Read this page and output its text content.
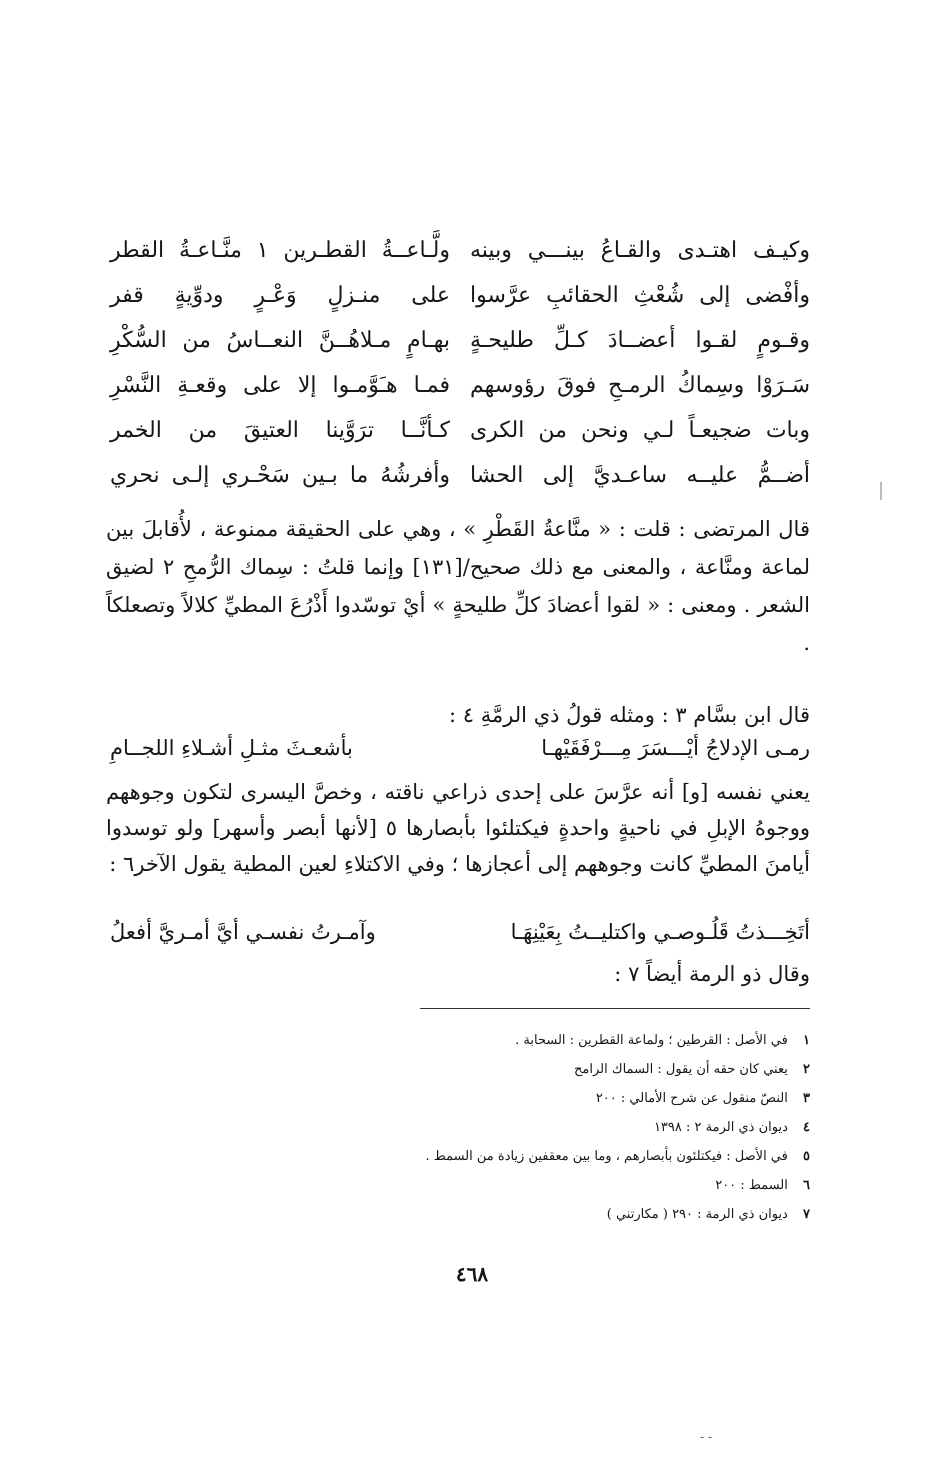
وكيـف اهتـدى والقـاعُ بينـــي وبينه
ولَّـاعــةُ القطـرين ١ منَّـاعـةُ القطر
وأفْضى إلى شُعْثِ الحقائبِ عرَّسوا
على منـزلٍ وَعْـرٍ ودوِّيةٍ قفر
وقـومٍ لقـوا أعضــادَ كـلِّ طليحـةٍ
بهـامٍ مـلاهُــنَّ النعــاسُ من السُّكْرِ
سَـرَوْا وسِماكُ الرمـحِ فوقَ رؤوسهم
فمـا هـَوَّمـوا إلا على وقعـةِ النَّسْرِ
وبات ضجيعـاً لـي ونحن من الكرى
كـأنَّــا ترَوَّينا العتيقَ من الخمر
أضــمُّ عليــه ساعـديَّ إلى الحشا
وأفرشُهُ ما بـين سَحْـري إلـى نحري

قال المرتضى : قلت : « منَّاعةُ القَطْرِ » ، وهي على الحقيقة ممنوعة ، لأُقابلَ بين لماعة ومنَّاعة ، والمعنى مع ذلك صحيح/[١٣١] وإنما قلتُ : سِماك الرُّمحِ ٢ لضيق الشعر . ومعنى : « لقوا أعضادَ كلِّ طليحةٍ » أيْ توسّدوا أَذْرُعَ المطيِّ كلالاً وتصعلكاً .

قال ابن بسَّام ٣ : ومثله قولُ ذي الرمَّةِ ٤ :

رمـى الإدلاجُ أيْـــسَرَ مِـــرْفَقَيْهـا
بأشعـثَ مثـلِ أشـلاءِ اللجــامِ

يعني نفسه [و] أنه عرَّسَ على إحدى ذراعي ناقته ، وخصَّ اليسرى لتكون وجوههم ووجوهُ الإبلِ في ناحيةٍ واحدةٍ فيكتلئوا بأبصارها ٥ [لأنها أبصر وأسهر] ولو توسدوا أيامنَ المطيِّ كانت وجوههم إلى أعجازها ؛ وفي الاكتلاءِ لعين المطية يقول الآخر٦ :

أتَخِـــذتُ قَلُـوصـي واكتليــتُ بِعَيْنِهَـا
وآمـرتُ نفسـي أيَّ أمـريَّ أفعلُ

وقال ذو الرمة أيضاً ٧ :

١ في الأصل : القرطين ؛ ولماعة القطرين : السحابة .
٢ يعني كان حقه أن يقول : السماك الرامح
٣ النصّ منقول عن شرح الأمالي : ٢٠٠
٤ ديوان ذي الرمة ٢ : ١٣٩٨
٥ في الأصل : فيكتلئون بأبصارهم ، وما بين معقفين زيادة من السمط .
٦ السمط : ٢٠٠
٧ ديوان ذي الرمة : ٢٩٠ ( مكارتني )
٤٦٨
- -
